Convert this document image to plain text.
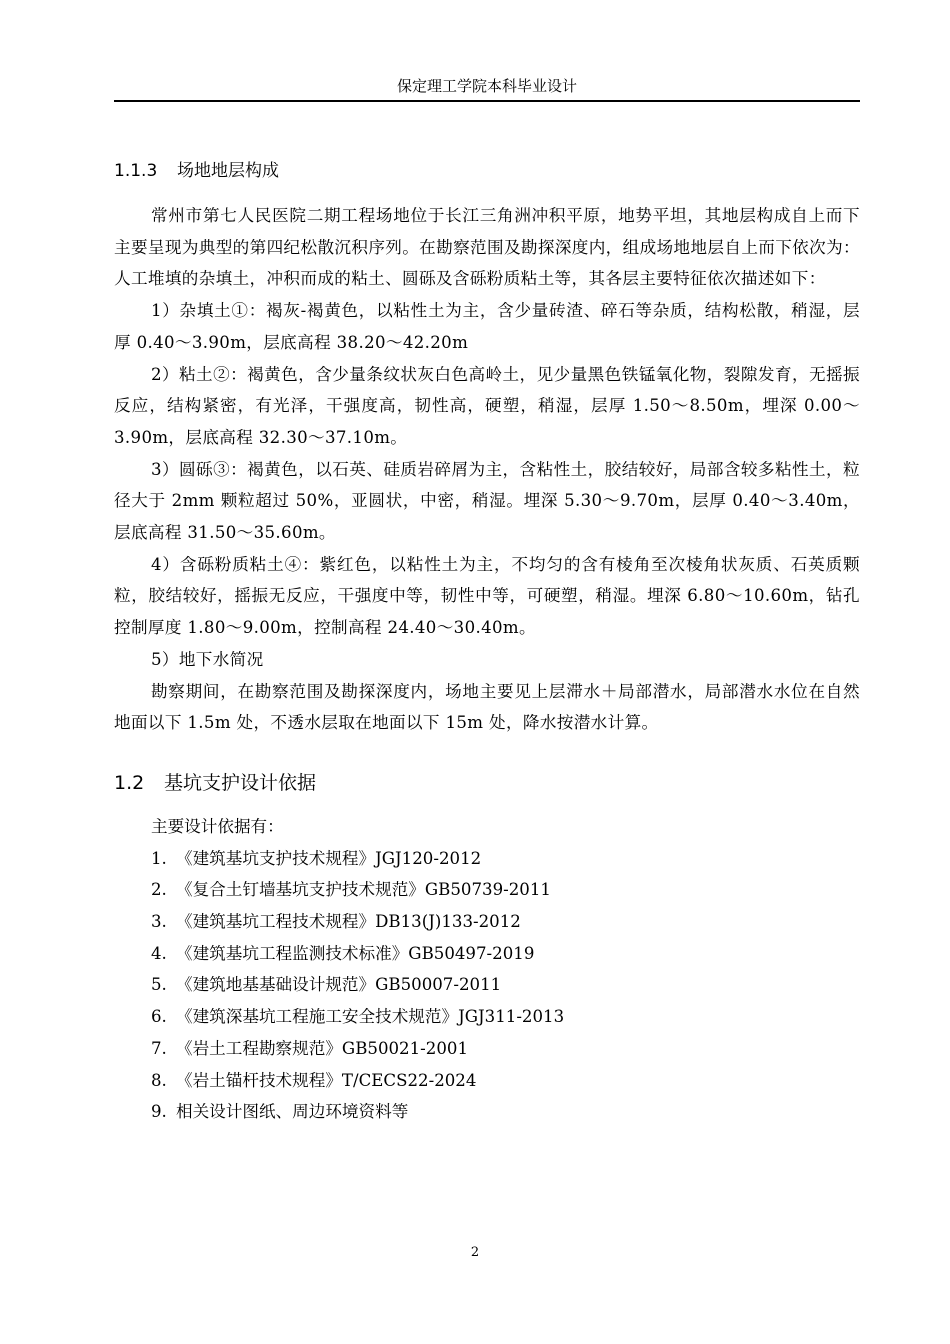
保定理工学院本科毕业设计
1.1.3 场地地层构成

常州市第七人民医院二期工程场地位于长江三角洲冲积平原，地势平坦，其地层构成自上而下主要呈现为典型的第四纪松散沉积序列。在勘察范围及勘探深度内，组成场地地层自上而下依次为：人工堆填的杂填土，冲积而成的粘土、圆砾及含砾粉质粘土等，其各层主要特征依次描述如下：

1）杂填土①：褐灰-褐黄色，以粘性土为主，含少量砖渣、碎石等杂质，结构松散，稍湿，层厚 0.40～3.90m，层底高程 38.20～42.20m

2）粘土②：褐黄色，含少量条纹状灰白色高岭土，见少量黑色铁锰氧化物，裂隙发育，无摇振反应，结构紧密，有光泽，干强度高，韧性高，硬塑，稍湿，层厚 1.50～8.50m，埋深 0.00～3.90m，层底高程 32.30～37.10m。

3）圆砾③：褐黄色，以石英、硅质岩碎屑为主，含粘性土，胶结较好，局部含较多粘性土，粒径大于 2mm 颗粒超过 50%，亚圆状，中密，稍湿。埋深 5.30～9.70m，层厚 0.40～3.40m，层底高程 31.50～35.60m。

4）含砾粉质粘土④：紫红色，以粘性土为主，不均匀的含有棱角至次棱角状灰质、石英质颗粒，胶结较好，摇振无反应，干强度中等，韧性中等，可硬塑，稍湿。埋深 6.80～10.60m，钻孔控制厚度 1.80～9.00m，控制高程 24.40～30.40m。

5）地下水简况

勘察期间，在勘察范围及勘探深度内，场地主要见上层滞水＋局部潜水，局部潜水水位在自然地面以下 1.5m 处，不透水层取在地面以下 15m 处，降水按潜水计算。

1.2 基坑支护设计依据

主要设计依据有：

1. 《建筑基坑支护技术规程》JGJ120-2012

2. 《复合土钉墙基坑支护技术规范》GB50739-2011

3. 《建筑基坑工程技术规程》DB13(J)133-2012

4. 《建筑基坑工程监测技术标准》GB50497-2019

5. 《建筑地基基础设计规范》GB50007-2011

6. 《建筑深基坑工程施工安全技术规范》JGJ311-2013

7. 《岩土工程勘察规范》GB50021-2001

8. 《岩土锚杆技术规程》T/CECS22-2024

9. 相关设计图纸、周边环境资料等

2
